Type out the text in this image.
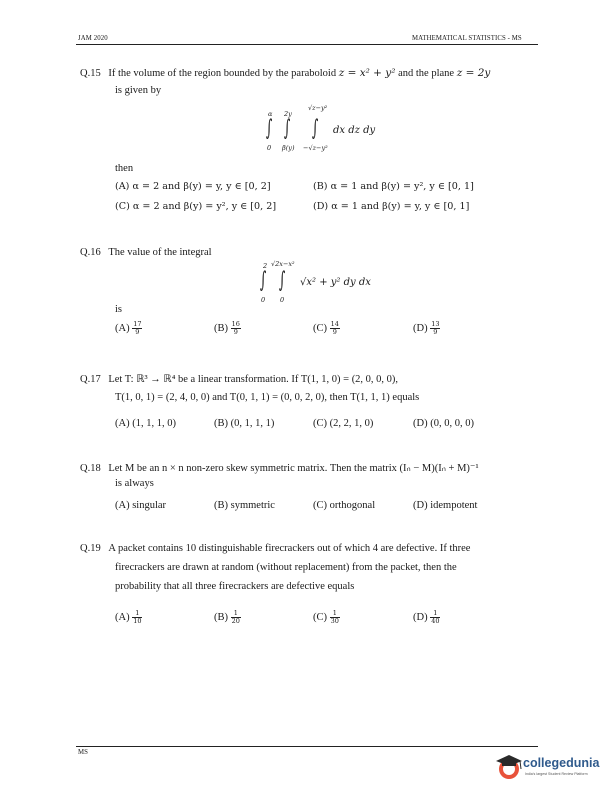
JAM 2020	MATHEMATICAL STATISTICS - MS
Q.15 If the volume of the region bounded by the paraboloid z = x² + y² and the plane z = 2y
is given by
α
∫
0
2y
∫
β(y)
√z−y²
∫
−√z−y²
dx dz dy
then
(A) α = 2 and β(y) = y, y ∈ [0, 2]	(B) α = 1 and β(y) = y², y ∈ [0, 1]
(C) α = 2 and β(y) = y², y ∈ [0, 2]	(D) α = 1 and β(y) = y, y ∈ [0, 1]
Q.16 The value of the integral
2
∫
0
√2x−x²
∫
0
√x² + y² dy dx
is
$(A) \frac{17}{9}$	$(B) \frac{16}{9}$	$(C) \frac{14}{9}$	$(D) \frac{13}{9}$
Q.17 Let T: ℝ³ → ℝ⁴ be a linear transformation. If T(1, 1, 0) = (2, 0, 0, 0),
T(1, 0, 1) = (2, 4, 0, 0) and T(0, 1, 1) = (0, 0, 2, 0), then T(1, 1, 1) equals
(A) (1, 1, 1, 0)	(B) (0, 1, 1, 1)	(C) (2, 2, 1, 0)	(D) (0, 0, 0, 0)
Q.18 Let M be an n × n non-zero skew symmetric matrix. Then the matrix (Iₙ − M)(Iₙ + M)⁻¹
is always
(A) singular	(B) symmetric	(C) orthogonal	(D) idempotent
Q.19 A packet contains 10 distinguishable firecrackers out of which 4 are defective. If three
firecrackers are drawn at random (without replacement) from the packet, then the
probability that all three firecrackers are defective equals
$(A) \frac{1}{10}$	$(B) \frac{1}{20}$	$(C) \frac{1}{30}$	$(D) \frac{1}{40}$
MS
collegedunia
India's largest Student Review Platform
